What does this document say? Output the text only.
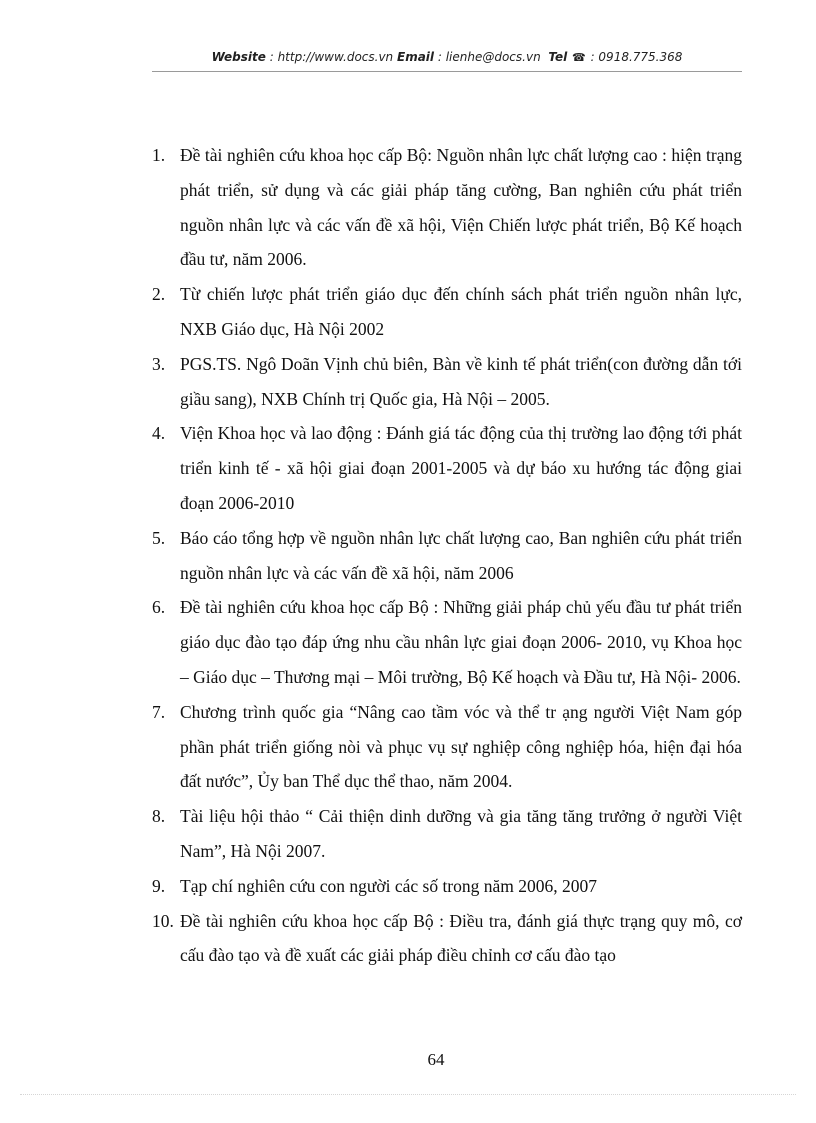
Website : http://www.docs.vn Email : lienhe@docs.vn Tel ☎ : 0918.775.368
1. Đề tài nghiên cứu khoa học cấp Bộ: Nguồn nhân lực chất lượng cao : hiện trạng phát triển, sử dụng và các giải pháp tăng cường, Ban nghiên cứu phát triển nguồn nhân lực và các vấn đề xã hội, Viện Chiến lược phát triển, Bộ Kế hoạch đầu tư, năm 2006.
2. Từ chiến lược phát triển giáo dục đến chính sách phát triển nguồn nhân lực, NXB Giáo dục, Hà Nội 2002
3. PGS.TS. Ngô Doãn Vịnh chủ biên, Bàn về kinh tế phát triển(con đường dẫn tới giầu sang), NXB Chính trị Quốc gia, Hà Nội – 2005.
4. Viện Khoa học và lao động : Đánh giá tác động của thị trường lao động tới phát triển kinh tế - xã hội giai đoạn 2001-2005 và dự báo xu hướng tác động giai đoạn 2006-2010
5. Báo cáo tổng hợp về nguồn nhân lực chất lượng cao, Ban nghiên cứu phát triển nguồn nhân lực và các vấn đề xã hội, năm 2006
6. Đề tài nghiên cứu khoa học cấp Bộ : Những giải pháp chủ yếu đầu tư phát triển giáo dục đào tạo đáp ứng nhu cầu nhân lực giai đoạn 2006- 2010, vụ Khoa học – Giáo dục – Thương mại – Môi trường, Bộ Kế hoạch và Đầu tư, Hà Nội- 2006.
7. Chương trình quốc gia “Nâng cao tầm vóc và thể tr ạng người Việt Nam góp phần phát triển giống nòi và phục vụ sự nghiệp công nghiệp hóa, hiện đại hóa đất nước”, Ủy ban Thể dục thể thao, năm 2004.
8. Tài liệu hội thảo “ Cải thiện dinh dưỡng và gia tăng tăng trưởng ở người Việt Nam”, Hà Nội 2007.
9. Tạp chí nghiên cứu con người các số trong năm 2006, 2007
10. Đề tài nghiên cứu khoa học cấp Bộ : Điều tra, đánh giá thực trạng quy mô, cơ cấu đào tạo và đề xuất các giải pháp điều chỉnh cơ cấu đào tạo
64
